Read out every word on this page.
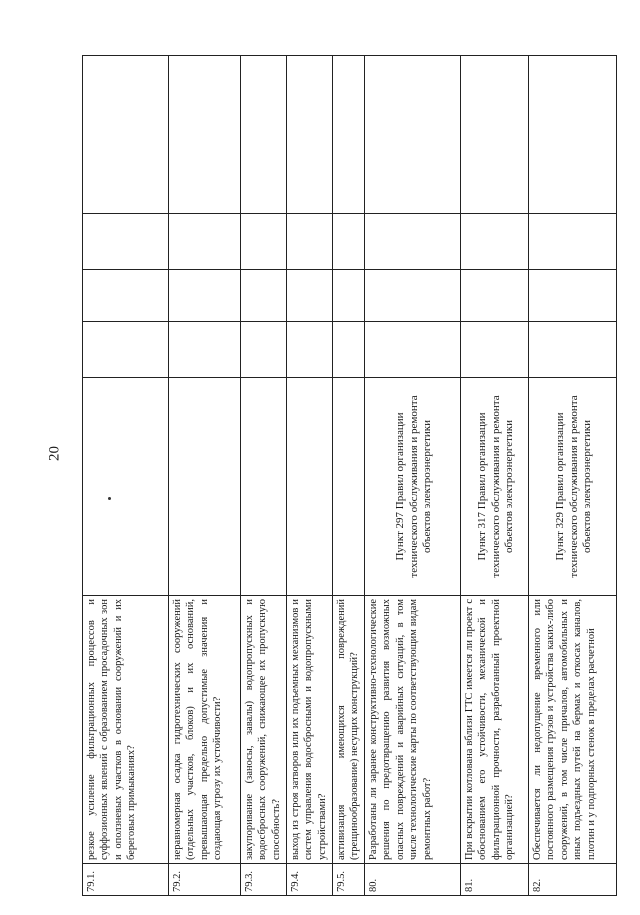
20
79.1.	резкое усиление фильтрационных процессов и суффозионных явлений с образованием просадочных зон и оползневых участков в основании сооружений и их береговых примыканиях?					
79.2.	неравномерная осадка гидротехнических сооружений (отдельных участков, блоков) и их оснований, превышающая предельно допустимые значения и создающая угрозу их устойчивости?					
79.3.	закупоривание (заносы, завалы) водопропускных и водосбросных сооружений, снижающее их пропускную способность?					
79.4.	выход из строя затворов или их подъемных механизмов и систем управления водосбросными и водопропускными устройствами?					
79.5.	активизация имеющихся повреждений (трещинообразование) несущих конструкций?					
80.	Разработаны ли заранее конструктивно-технологические решения по предотвращению развития возможных опасных повреждений и аварийных ситуаций, в том числе технологические карты по соответствующим видам ремонтных работ?	Пункт 297 Правил организации технического обслуживания и ремонта объектов электроэнергетики				
81.	При вскрытии котлована вблизи ГТС имеется ли проект с обоснованием его устойчивости, механической и фильтрационной прочности, разработанный проектной организацией?	Пункт 317 Правил организации технического обслуживания и ремонта объектов электроэнергетики				
82.	Обеспечивается ли недопущение временного или постоянного размещения грузов и устройства каких-либо сооружений, в том числе причалов, автомобильных и иных подъездных путей на бермах и откосах каналов, плотин и у подпорных стенок в пределах расчетной	Пункт 329 Правил организации технического обслуживания и ремонта объектов электроэнергетики				
